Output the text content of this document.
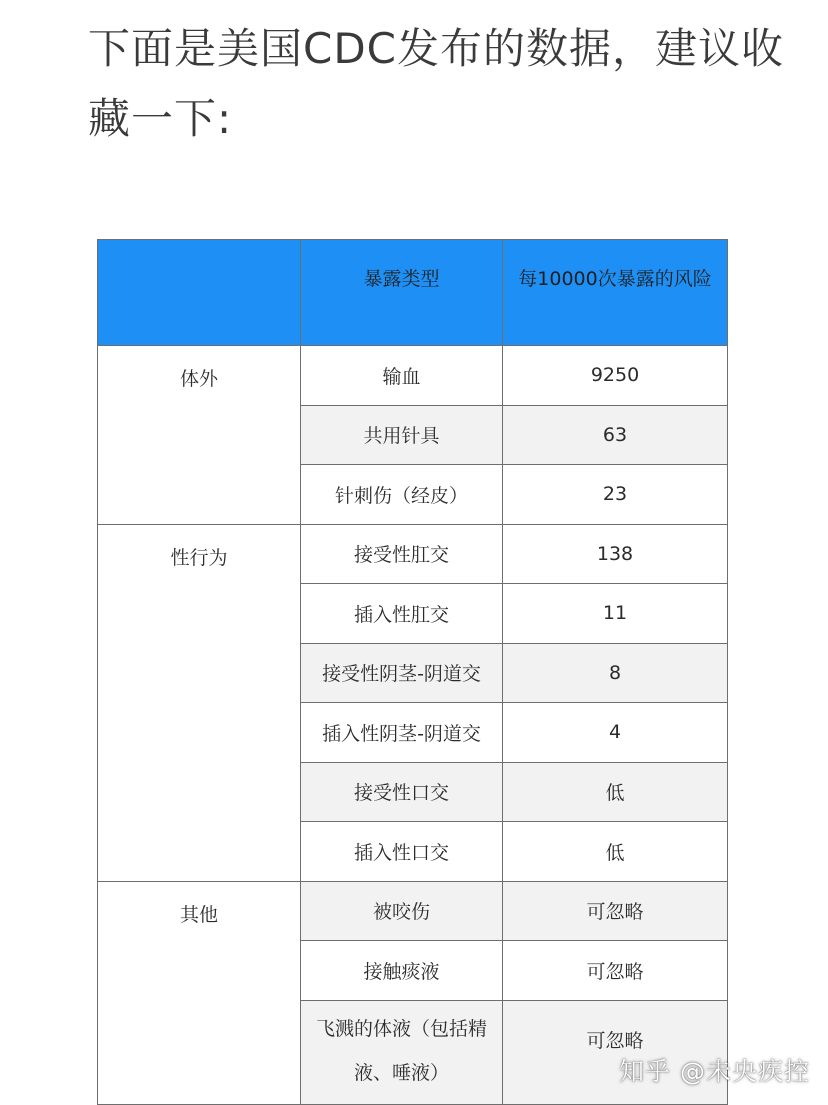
下面是美国CDC发布的数据，建议收藏一下:

	暴露类型	每10000次暴露的风险
体外	输血	9250
	共用针具	63
	针刺伤（经皮）	23
性行为	接受性肛交	138
	插入性肛交	11
	接受性阴茎-阴道交	8
	插入性阴茎-阴道交	4
	接受性口交	低
	插入性口交	低
其他	被咬伤	可忽略
	接触痰液	可忽略
	飞溅的体液（包括精液、唾液）	可忽略
知乎 @未央疾控
